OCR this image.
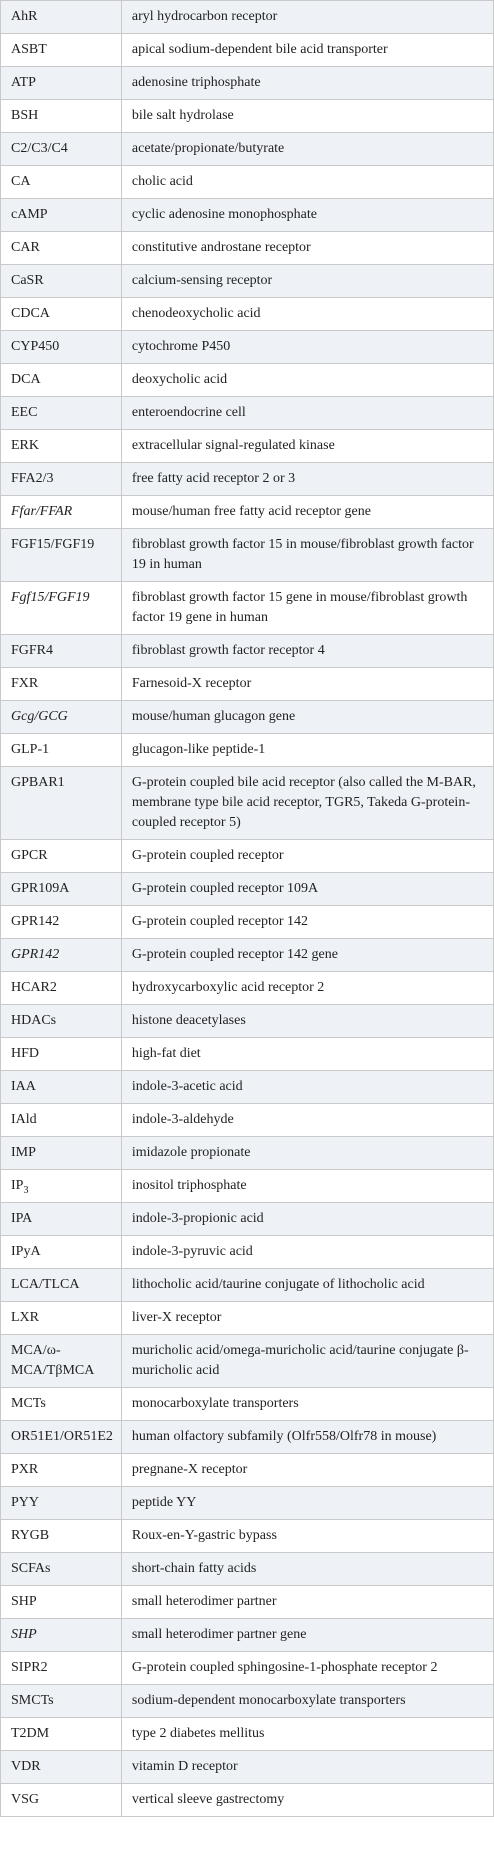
AhR	aryl hydrocarbon receptor
ASBT	apical sodium-dependent bile acid transporter
ATP	adenosine triphosphate
BSH	bile salt hydrolase
C2/C3/C4	acetate/propionate/butyrate
CA	cholic acid
cAMP	cyclic adenosine monophosphate
CAR	constitutive androstane receptor
CaSR	calcium-sensing receptor
CDCA	chenodeoxycholic acid
CYP450	cytochrome P450
DCA	deoxycholic acid
EEC	enteroendocrine cell
ERK	extracellular signal-regulated kinase
FFA2/3	free fatty acid receptor 2 or 3
Ffar/FFAR	mouse/human free fatty acid receptor gene
FGF15/FGF19	fibroblast growth factor 15 in mouse/fibroblast growth factor 19 in human
Fgf15/FGF19	fibroblast growth factor 15 gene in mouse/fibroblast growth factor 19 gene in human
FGFR4	fibroblast growth factor receptor 4
FXR	Farnesoid-X receptor
Gcg/GCG	mouse/human glucagon gene
GLP-1	glucagon-like peptide-1
GPBAR1	G-protein coupled bile acid receptor (also called the M-BAR, membrane type bile acid receptor, TGR5, Takeda G-protein-coupled receptor 5)
GPCR	G-protein coupled receptor
GPR109A	G-protein coupled receptor 109A
GPR142	G-protein coupled receptor 142
GPR142	G-protein coupled receptor 142 gene
HCAR2	hydroxycarboxylic acid receptor 2
HDACs	histone deacetylases
HFD	high-fat diet
IAA	indole-3-acetic acid
IAld	indole-3-aldehyde
IMP	imidazole propionate
$IP_3$	inositol triphosphate
IPA	indole-3-propionic acid
IPyA	indole-3-pyruvic acid
LCA/TLCA	lithocholic acid/taurine conjugate of lithocholic acid
LXR	liver-X receptor
MCA/ω-MCA/TβMCA	muricholic acid/omega-muricholic acid/taurine conjugate β-muricholic acid
MCTs	monocarboxylate transporters
OR51E1/OR51E2	human olfactory subfamily (Olfr558/Olfr78 in mouse)
PXR	pregnane-X receptor
PYY	peptide YY
RYGB	Roux-en-Y-gastric bypass
SCFAs	short-chain fatty acids
SHP	small heterodimer partner
SHP	small heterodimer partner gene
SIPR2	G-protein coupled sphingosine-1-phosphate receptor 2
SMCTs	sodium-dependent monocarboxylate transporters
T2DM	type 2 diabetes mellitus
VDR	vitamin D receptor
VSG	vertical sleeve gastrectomy
